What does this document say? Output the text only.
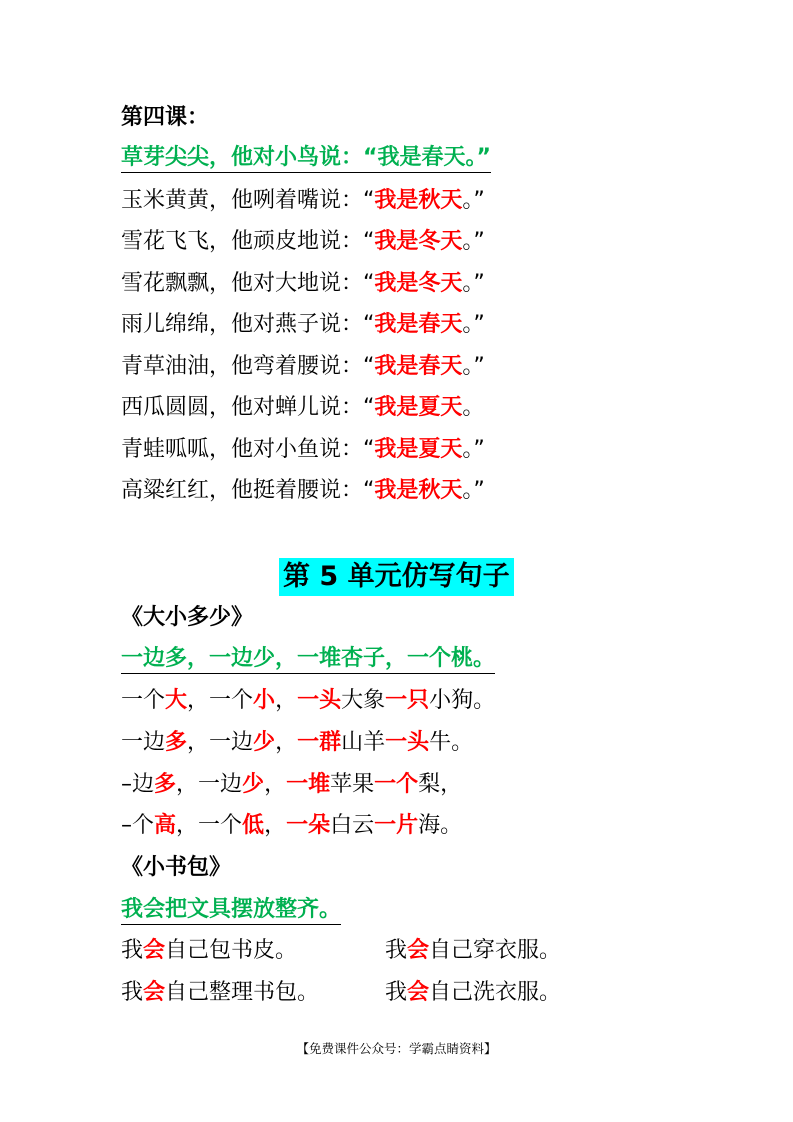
第四课：
草芽尖尖，他对小鸟说：“我是春天。”
玉米黄黄，他咧着嘴说：“我是秋天。”
雪花飞飞，他顽皮地说：“我是冬天。”
雪花飘飘，他对大地说：“我是冬天。”
雨儿绵绵，他对燕子说：“我是春天。”
青草油油，他弯着腰说：“我是春天。”
西瓜圆圆，他对蝉儿说：“我是夏天。
青蛙呱呱，他对小鱼说：“我是夏天。”
高粱红红，他挺着腰说：“我是秋天。”
第 5 单元仿写句子
《大小多少》
一边多，一边少，一堆杏子，一个桃。
一个大，一个小，一头大象一只小狗。
一边多，一边少，一群山羊一头牛。
–边多，一边少，一堆苹果一个梨，
–个高，一个低，一朵白云一片海。
《小书包》
我会把文具摆放整齐。
我会自己包书皮。	我会自己穿衣服。
我会自己整理书包。	我会自己洗衣服。
【免费课件公众号：学霸点睛资料】
